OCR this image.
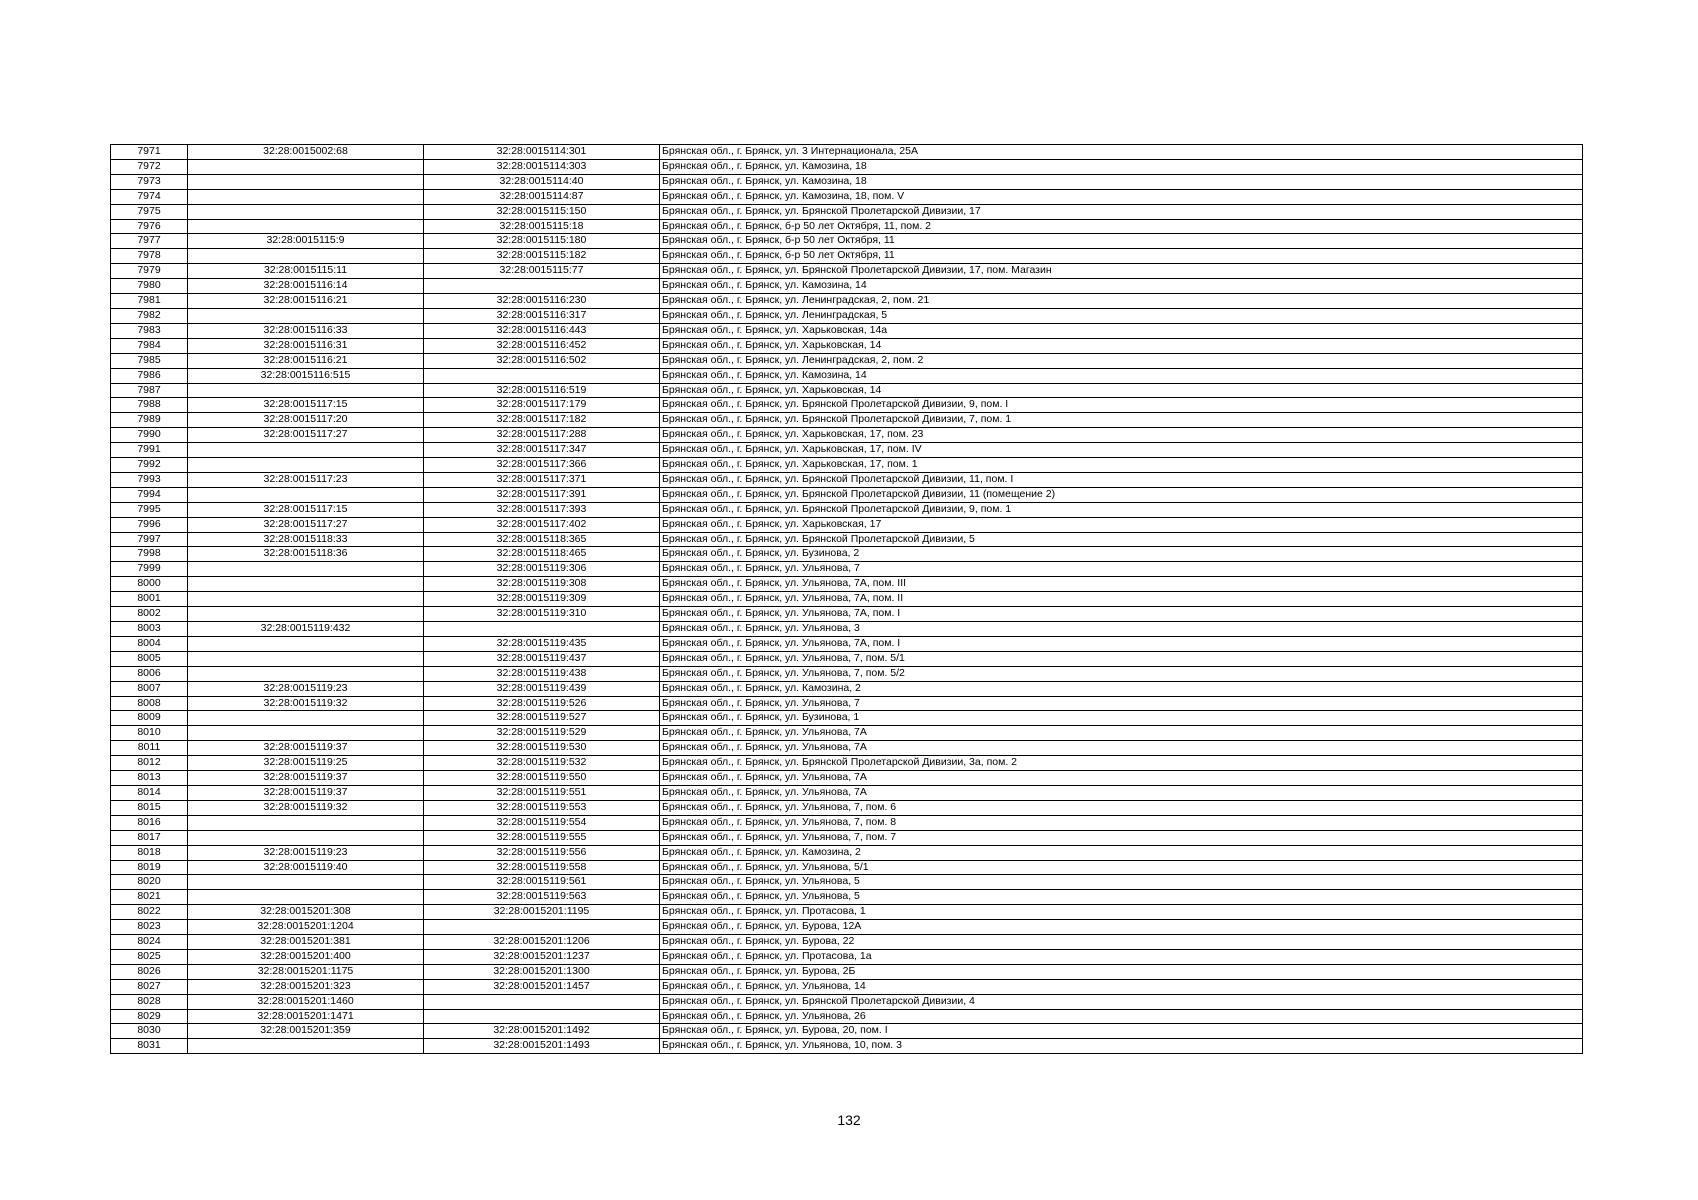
7971	32:28:0015002:68	32:28:0015114:301	Брянская обл., г. Брянск, ул. 3 Интернационала, 25А
7972		32:28:0015114:303	Брянская обл., г. Брянск, ул. Камозина, 18
7973		32:28:0015114:40	Брянская обл., г. Брянск, ул. Камозина, 18
7974		32:28:0015114:87	Брянская обл., г. Брянск, ул. Камозина, 18, пом. V
7975		32:28:0015115:150	Брянская обл., г. Брянск, ул. Брянской Пролетарской Дивизии, 17
7976		32:28:0015115:18	Брянская обл., г. Брянск, б-р 50 лет Октября, 11, пом. 2
7977	32:28:0015115:9	32:28:0015115:180	Брянская обл., г. Брянск, б-р 50 лет Октября, 11
7978		32:28:0015115:182	Брянская обл., г. Брянск, б-р 50 лет Октября, 11
7979	32:28:0015115:11	32:28:0015115:77	Брянская обл., г. Брянск, ул. Брянской Пролетарской Дивизии, 17, пом. Магазин
7980	32:28:0015116:14		Брянская обл., г. Брянск, ул. Камозина, 14
7981	32:28:0015116:21	32:28:0015116:230	Брянская обл., г. Брянск, ул. Ленинградская, 2, пом. 21
7982		32:28:0015116:317	Брянская обл., г. Брянск, ул. Ленинградская, 5
7983	32:28:0015116:33	32:28:0015116:443	Брянская обл., г. Брянск, ул. Харьковская, 14а
7984	32:28:0015116:31	32:28:0015116:452	Брянская обл., г. Брянск, ул. Харьковская, 14
7985	32:28:0015116:21	32:28:0015116:502	Брянская обл., г. Брянск, ул. Ленинградская, 2, пом. 2
7986	32:28:0015116:515		Брянская обл., г. Брянск, ул. Камозина, 14
7987		32:28:0015116:519	Брянская обл., г. Брянск, ул. Харьковская, 14
7988	32:28:0015117:15	32:28:0015117:179	Брянская обл., г. Брянск, ул. Брянской Пролетарской Дивизии, 9, пом. I
7989	32:28:0015117:20	32:28:0015117:182	Брянская обл., г. Брянск, ул. Брянской Пролетарской Дивизии, 7, пом. 1
7990	32:28:0015117:27	32:28:0015117:288	Брянская обл., г. Брянск, ул. Харьковская, 17, пом. 23
7991		32:28:0015117:347	Брянская обл., г. Брянск, ул. Харьковская, 17, пом. IV
7992		32:28:0015117:366	Брянская обл., г. Брянск, ул. Харьковская, 17, пом. 1
7993	32:28:0015117:23	32:28:0015117:371	Брянская обл., г. Брянск, ул. Брянской Пролетарской Дивизии, 11, пом. I
7994		32:28:0015117:391	Брянская обл., г. Брянск, ул. Брянской Пролетарской Дивизии, 11 (помещение 2)
7995	32:28:0015117:15	32:28:0015117:393	Брянская обл., г. Брянск, ул. Брянской Пролетарской Дивизии, 9, пом. 1
7996	32:28:0015117:27	32:28:0015117:402	Брянская обл., г. Брянск, ул. Харьковская, 17
7997	32:28:0015118:33	32:28:0015118:365	Брянская обл., г. Брянск, ул. Брянской Пролетарской Дивизии, 5
7998	32:28:0015118:36	32:28:0015118:465	Брянская обл., г. Брянск, ул. Бузинова, 2
7999		32:28:0015119:306	Брянская обл., г. Брянск, ул. Ульянова, 7
8000		32:28:0015119:308	Брянская обл., г. Брянск, ул. Ульянова, 7А, пом. III
8001		32:28:0015119:309	Брянская обл., г. Брянск, ул. Ульянова, 7А, пом. II
8002		32:28:0015119:310	Брянская обл., г. Брянск, ул. Ульянова, 7А, пом. I
8003	32:28:0015119:432		Брянская обл., г. Брянск, ул. Ульянова, 3
8004		32:28:0015119:435	Брянская обл., г. Брянск, ул. Ульянова, 7А, пом. I
8005		32:28:0015119:437	Брянская обл., г. Брянск, ул. Ульянова, 7, пом. 5/1
8006		32:28:0015119:438	Брянская обл., г. Брянск, ул. Ульянова, 7, пом. 5/2
8007	32:28:0015119:23	32:28:0015119:439	Брянская обл., г. Брянск, ул. Камозина, 2
8008	32:28:0015119:32	32:28:0015119:526	Брянская обл., г. Брянск, ул. Ульянова, 7
8009		32:28:0015119:527	Брянская обл., г. Брянск, ул. Бузинова, 1
8010		32:28:0015119:529	Брянская обл., г. Брянск, ул. Ульянова, 7А
8011	32:28:0015119:37	32:28:0015119:530	Брянская обл., г. Брянск, ул. Ульянова, 7А
8012	32:28:0015119:25	32:28:0015119:532	Брянская обл., г. Брянск, ул. Брянской Пролетарской Дивизии, 3а, пом. 2
8013	32:28:0015119:37	32:28:0015119:550	Брянская обл., г. Брянск, ул. Ульянова, 7А
8014	32:28:0015119:37	32:28:0015119:551	Брянская обл., г. Брянск, ул. Ульянова, 7А
8015	32:28:0015119:32	32:28:0015119:553	Брянская обл., г. Брянск, ул. Ульянова, 7, пом. 6
8016		32:28:0015119:554	Брянская обл., г. Брянск, ул. Ульянова, 7, пом. 8
8017		32:28:0015119:555	Брянская обл., г. Брянск, ул. Ульянова, 7, пом. 7
8018	32:28:0015119:23	32:28:0015119:556	Брянская обл., г. Брянск, ул. Камозина, 2
8019	32:28:0015119:40	32:28:0015119:558	Брянская обл., г. Брянск, ул. Ульянова, 5/1
8020		32:28:0015119:561	Брянская обл., г. Брянск, ул. Ульянова, 5
8021		32:28:0015119:563	Брянская обл., г. Брянск, ул. Ульянова, 5
8022	32:28:0015201:308	32:28:0015201:1195	Брянская обл., г. Брянск, ул. Протасова, 1
8023	32:28:0015201:1204		Брянская обл., г. Брянск, ул. Бурова, 12А
8024	32:28:0015201:381	32:28:0015201:1206	Брянская обл., г. Брянск, ул. Бурова, 22
8025	32:28:0015201:400	32:28:0015201:1237	Брянская обл., г. Брянск, ул. Протасова, 1а
8026	32:28:0015201:1175	32:28:0015201:1300	Брянская обл., г. Брянск, ул. Бурова, 2Б
8027	32:28:0015201:323	32:28:0015201:1457	Брянская обл., г. Брянск, ул. Ульянова, 14
8028	32:28:0015201:1460		Брянская обл., г. Брянск, ул. Брянской Пролетарской Дивизии, 4
8029	32:28:0015201:1471		Брянская обл., г. Брянск, ул. Ульянова, 26
8030	32:28:0015201:359	32:28:0015201:1492	Брянская обл., г. Брянск, ул. Бурова, 20, пом. I
8031		32:28:0015201:1493	Брянская обл., г. Брянск, ул. Ульянова, 10, пом. 3
132
